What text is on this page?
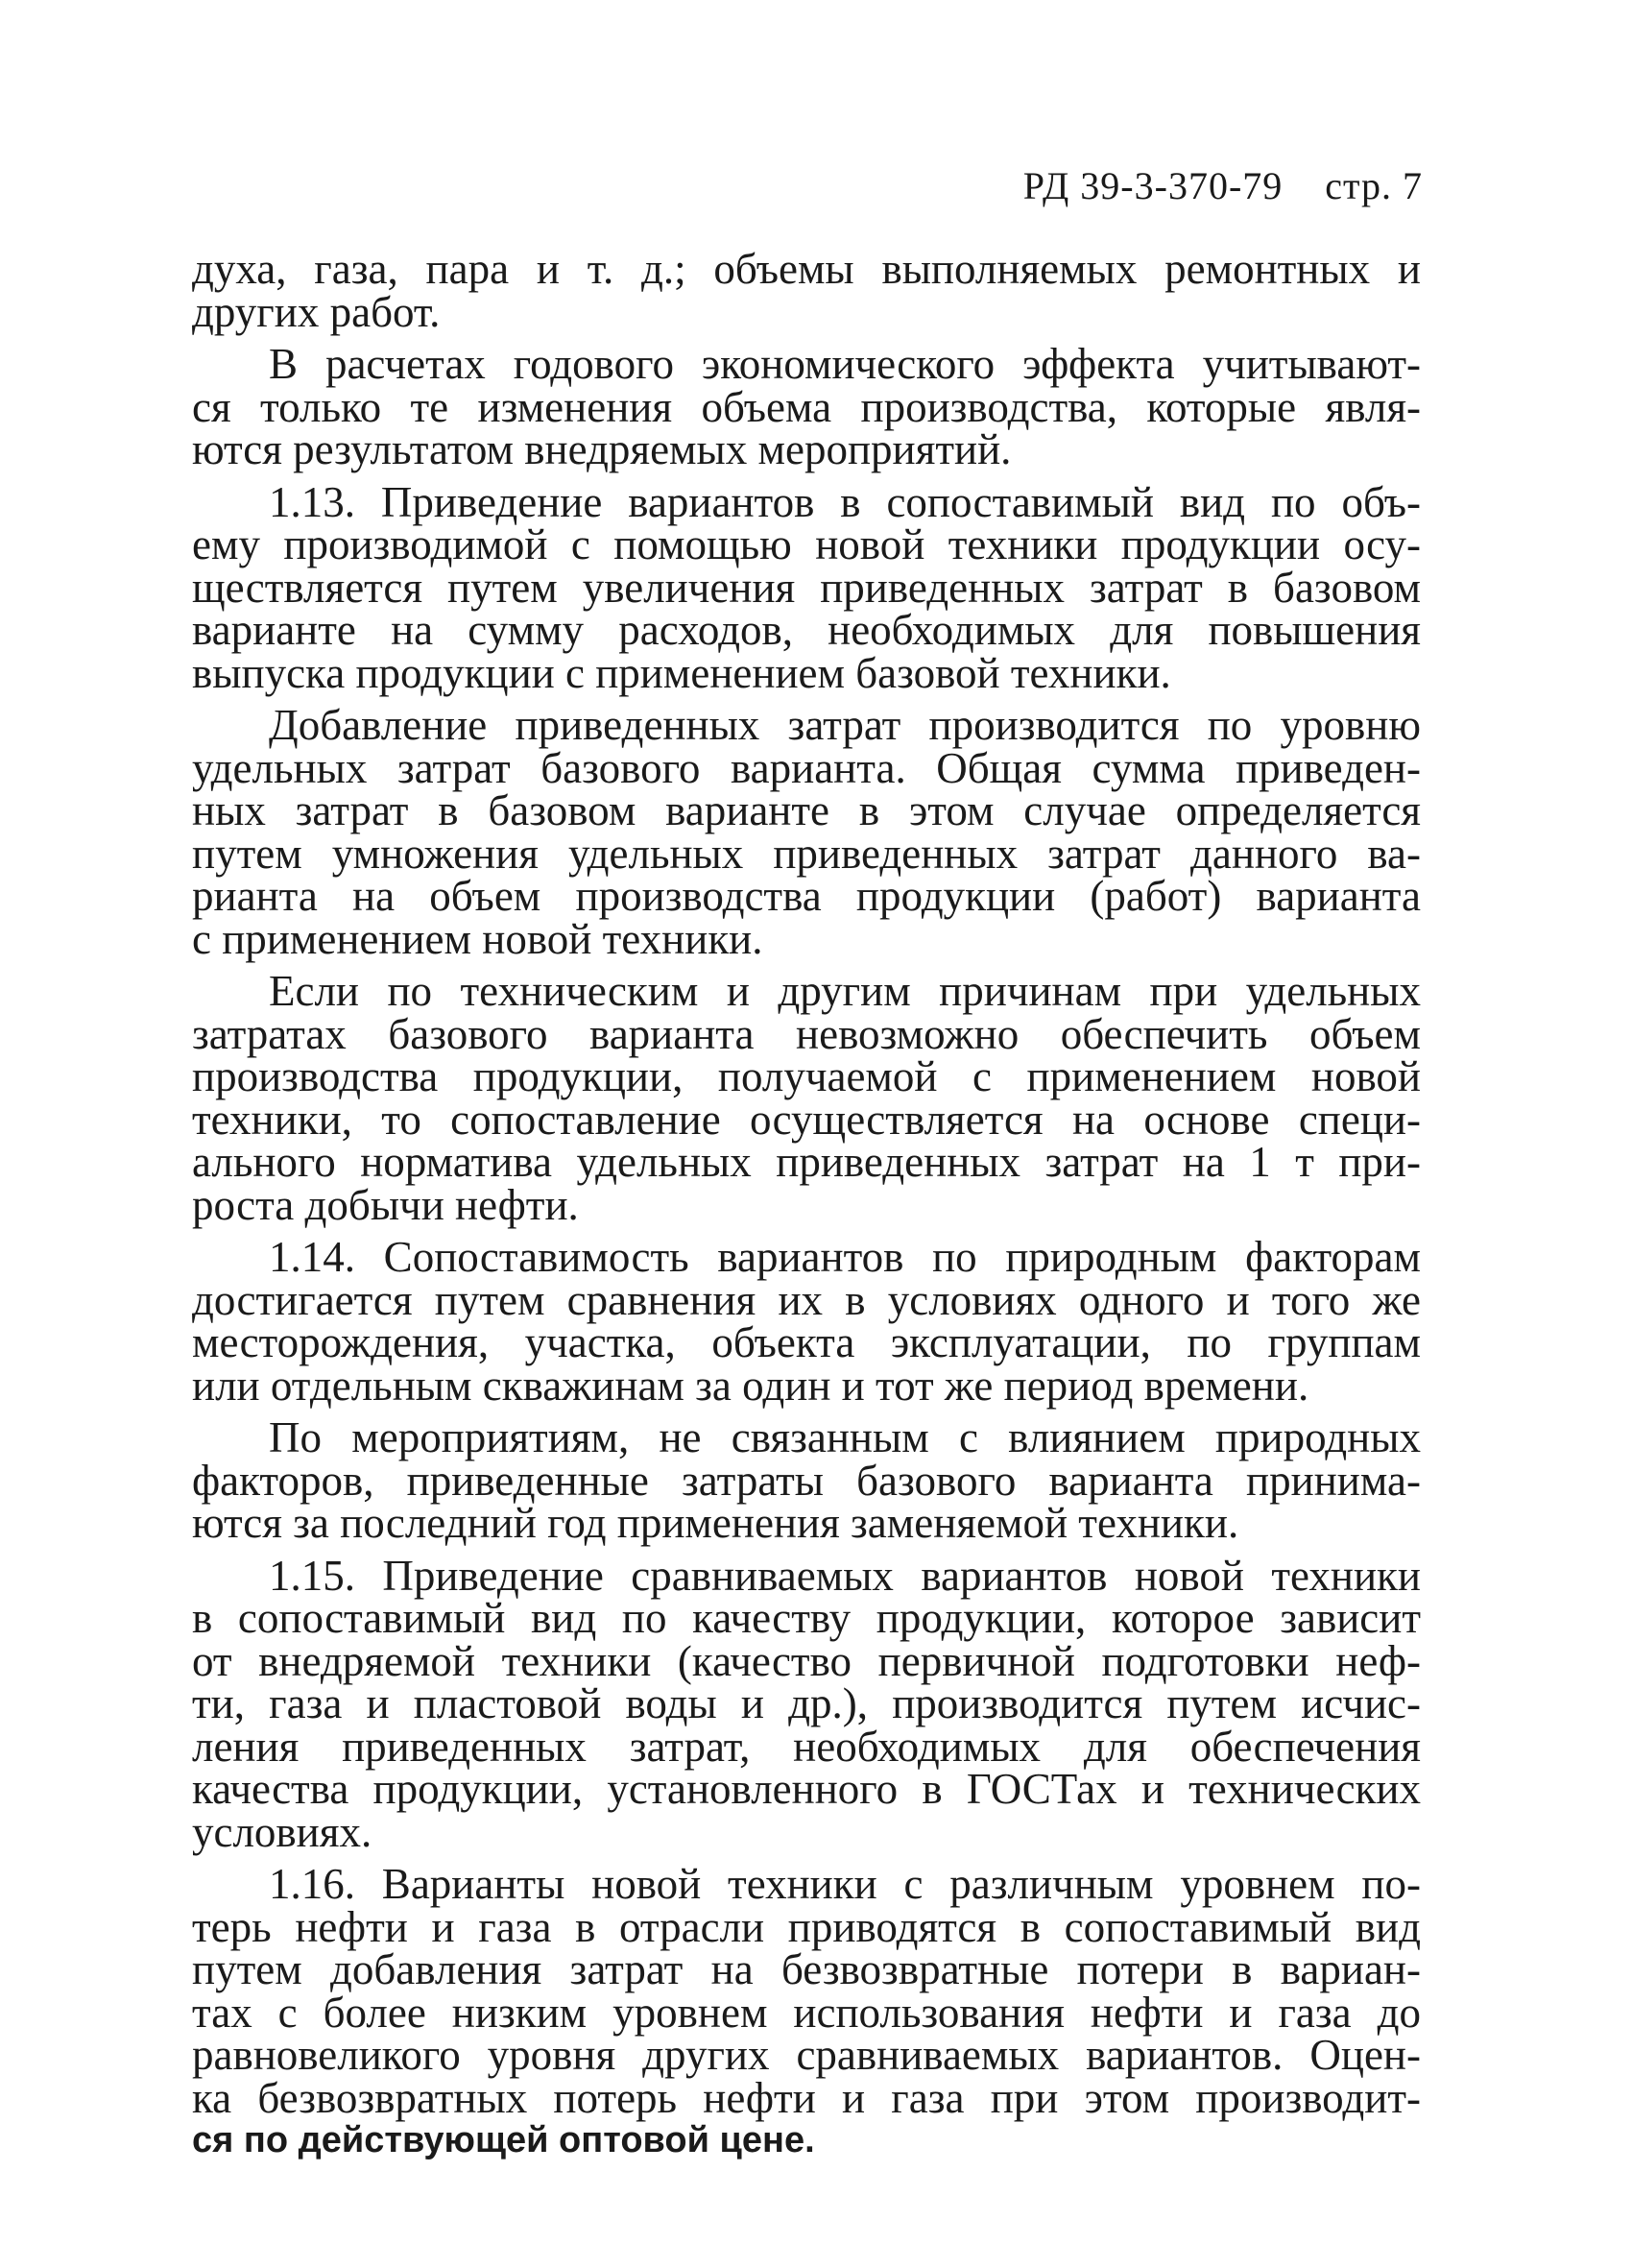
РД 39-3-370-79 стр. 7
духа, газа, пара и т. д.; объемы выполняемых ремонтных и
других работ.
В расчетах годового экономического эффекта учитывают-
ся только те изменения объема производства, которые явля-
ются результатом внедряемых мероприятий.
1.13. Приведение вариантов в сопоставимый вид по объ-
ему производимой с помощью новой техники продукции осу-
ществляется путем увеличения приведенных затрат в базовом
варианте на сумму расходов, необходимых для повышения
выпуска продукции с применением базовой техники.
Добавление приведенных затрат производится по уровню
удельных затрат базового варианта. Общая сумма приведен-
ных затрат в базовом варианте в этом случае определяется
путем умножения удельных приведенных затрат данного ва-
рианта на объем производства продукции (работ) варианта
с применением новой техники.
Если по техническим и другим причинам при удельных
затратах базового варианта невозможно обеспечить объем
производства продукции, получаемой с применением новой
техники, то сопоставление осуществляется на основе специ-
ального норматива удельных приведенных затрат на 1 т при-
роста добычи нефти.
1.14. Сопоставимость вариантов по природным факторам
достигается путем сравнения их в условиях одного и того же
месторождения, участка, объекта эксплуатации, по группам
или отдельным скважинам за один и тот же период времени.
По мероприятиям, не связанным с влиянием природных
факторов, приведенные затраты базового варианта принима-
ются за последний год применения заменяемой техники.
1.15. Приведение сравниваемых вариантов новой техники
в сопоставимый вид по качеству продукции, которое зависит
от внедряемой техники (качество первичной подготовки неф-
ти, газа и пластовой воды и др.), производится путем исчис-
ления приведенных затрат, необходимых для обеспечения
качества продукции, установленного в ГОСТах и технических
условиях.
1.16. Варианты новой техники с различным уровнем по-
терь нефти и газа в отрасли приводятся в сопоставимый вид
путем добавления затрат на безвозвратные потери в вариан-
тах с более низким уровнем использования нефти и газа до
равновеликого уровня других сравниваемых вариантов. Оцен-
ка безвозвратных потерь нефти и газа при этом производит-
ся по действующей оптовой цене.
